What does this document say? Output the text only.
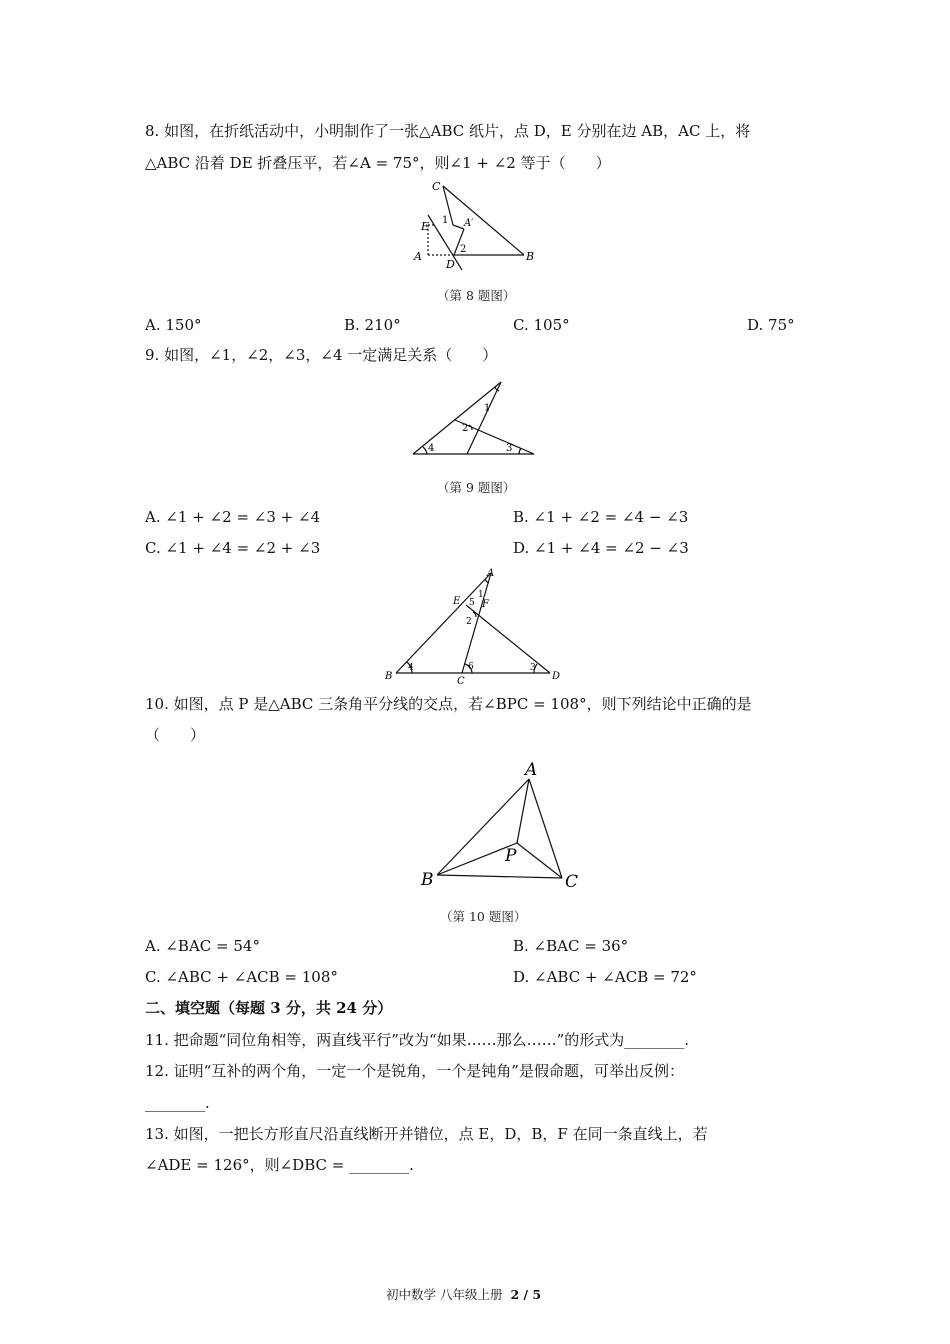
8. 如图，在折纸活动中，小明制作了一张△ABC 纸片，点 D，E 分别在边 AB，AC 上，将
△ABC 沿着 DE 折叠压平，若∠A = 75°，则∠1 + ∠2 等于（　　）
C
E
A
D
B
A′
1
2
（第 8 题图）
A. 150°	B. 210°	C. 105°	D. 75°
9. 如图，∠1，∠2，∠3，∠4 一定满足关系（　　）
1
2
3
4
（第 9 题图）
A. ∠1 + ∠2 = ∠3 + ∠4	B. ∠1 + ∠2 = ∠4 − ∠3
C. ∠1 + ∠4 = ∠2 + ∠3	D. ∠1 + ∠4 = ∠2 − ∠3
A
E F
B	C	D
1
2
3
4
5
6
10. 如图，点 P 是△ABC 三条角平分线的交点，若∠BPC = 108°，则下列结论中正确的是
（　　）
A
B	C
P
（第 10 题图）
A. ∠BAC = 54°	B. ∠BAC = 36°
C. ∠ABC + ∠ACB = 108°	D. ∠ABC + ∠ACB = 72°
二、填空题（每题 3 分，共 24 分）
11. 把命题“同位角相等，两直线平行”改为“如果……那么……”的形式为________.
12. 证明“互补的两个角，一定一个是锐角，一个是钝角”是假命题，可举出反例：
________.
13. 如图，一把长方形直尺沿直线断开并错位，点 E，D，B，F 在同一条直线上，若
∠ADE = 126°，则∠DBC = ________.
初中数学 八年级上册 2 / 5
